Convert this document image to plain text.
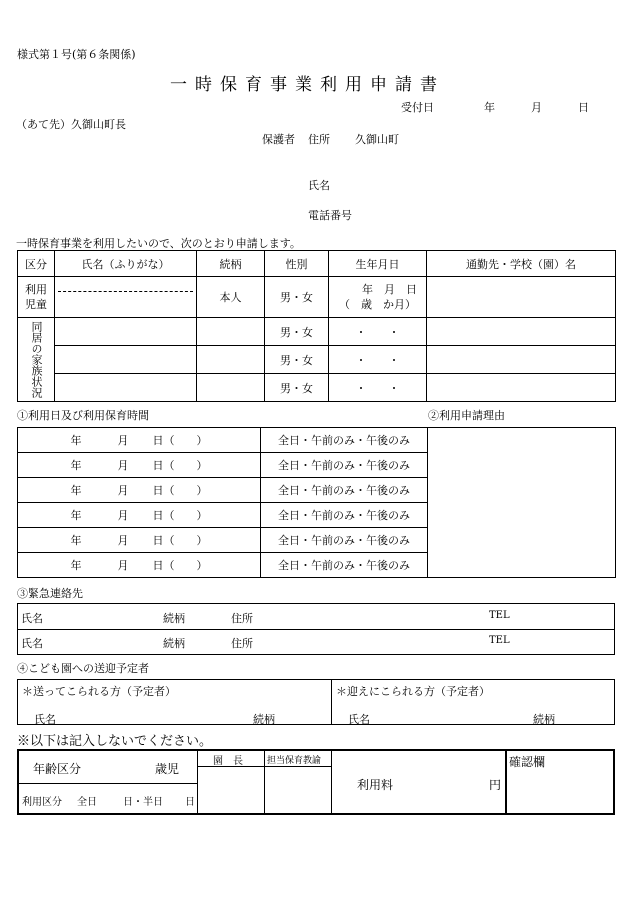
様式第１号(第６条関係)
一時保育事業利用申請書
受付日	年	月	日
（あて先）久御山町長
保護者 住所 久御山町
氏名
電話番号
一時保育事業を利用したいので、次のとおり申請します。
区分	氏名（ふりがな）	続柄	性別	生年月日	通勤先・学校（園）名

利用児童		本人	男・女	年　月　日
（　歳　か月）	

同居の家族状況			男・女	・　　・	
			男・女	・　　・	
			男・女	・　　・	
①利用日及び利用保育時間	②利用申請理由
年 月 日（　　）	全日・午前のみ・午後のみ	
年 月 日（　　）	全日・午前のみ・午後のみ	
年 月 日（　　）	全日・午前のみ・午後のみ	
年 月 日（　　）	全日・午前のみ・午後のみ	
年 月 日（　　）	全日・午前のみ・午後のみ	
年 月 日（　　）	全日・午前のみ・午後のみ	
③緊急連絡先
氏名	続柄	住所	TEL
氏名	続柄	住所	TEL
④こども園への送迎予定者
＊送ってこられる方（予定者）
氏名	続柄
＊迎えにこられる方（予定者）
氏名	続柄
※以下は記入しないでください。
年齢区分	歳児
利用区分 全日	日・半日 日
園　長	担当保育教諭
利用料	円
確認欄
